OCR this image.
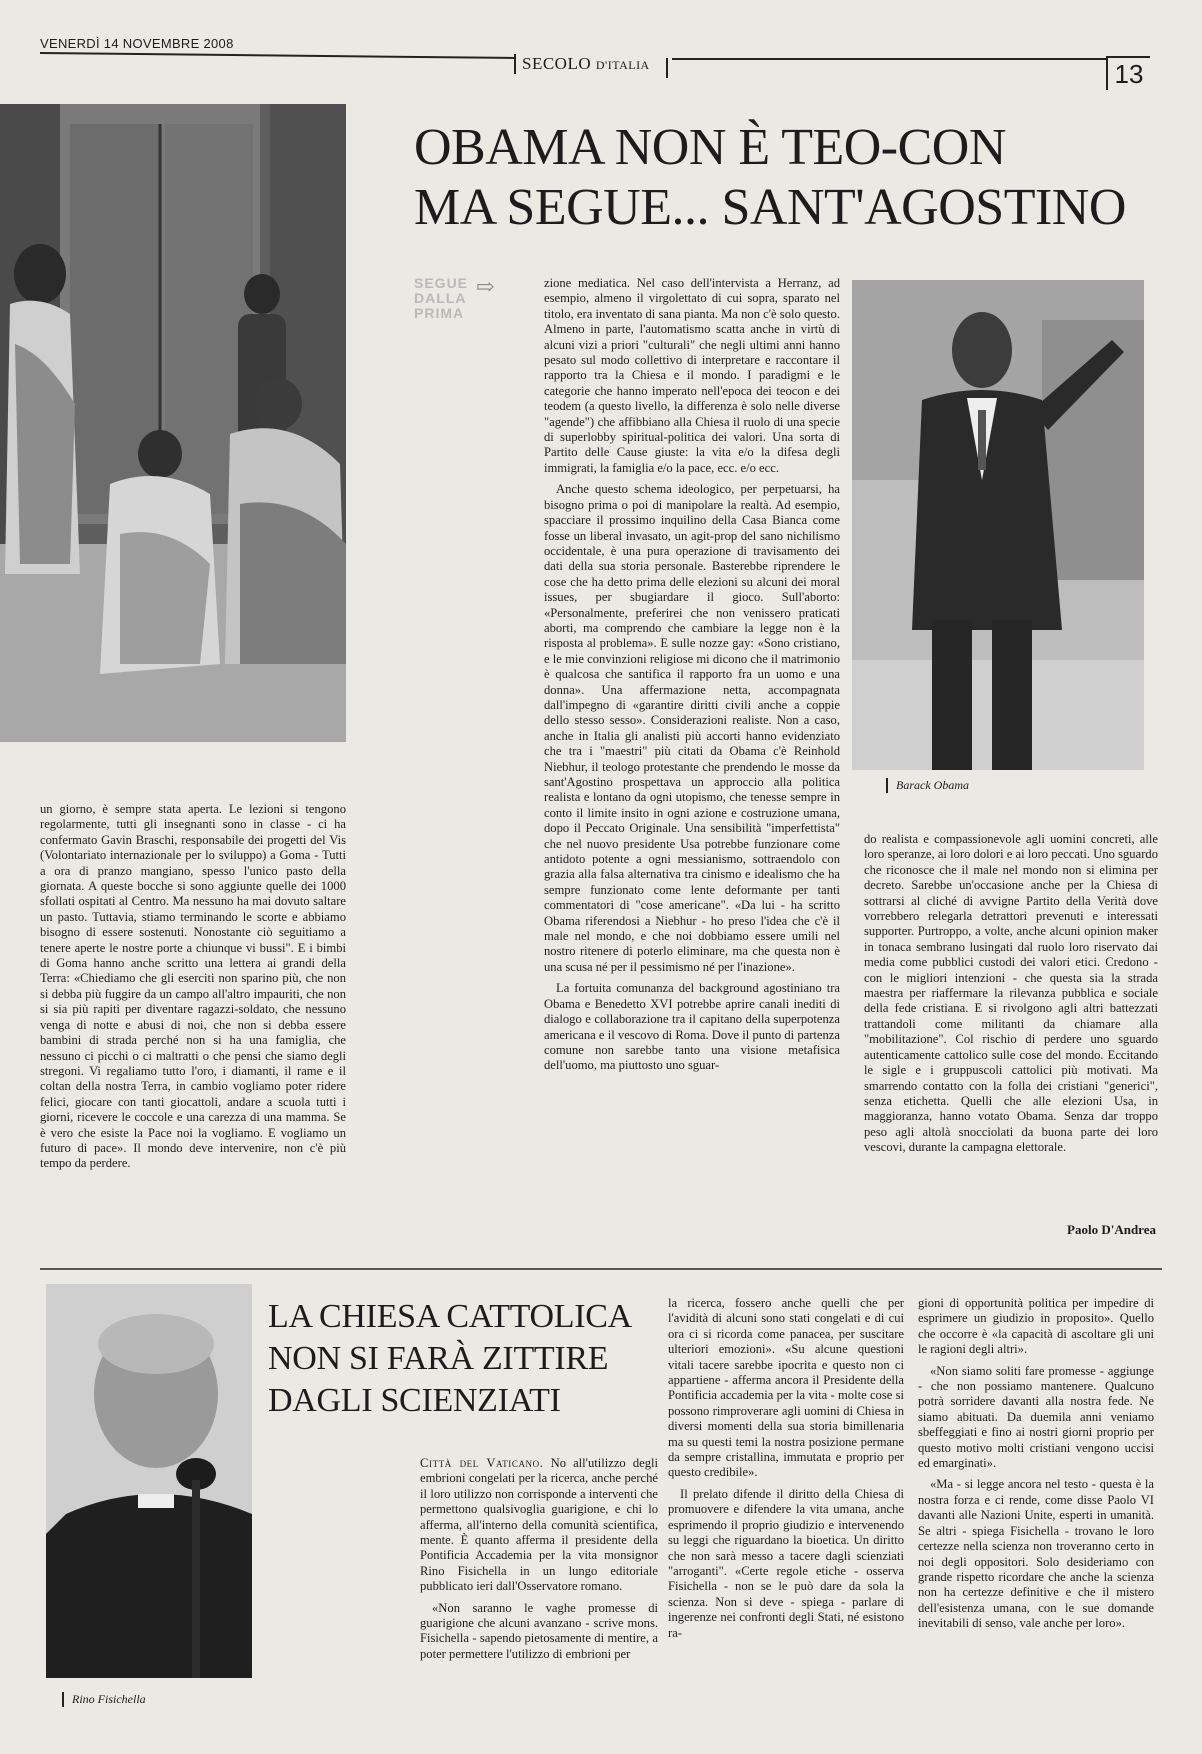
VENERDÌ 14 NOVEMBRE 2008
SECOLO D'ITALIA	13
OBAMA NON È TEO-CON
MA SEGUE... SANT'AGOSTINO
SEGUE DALLA PRIMA
⇨
Barack Obama

un giorno, è sempre stata aperta. Le lezioni si tengono regolarmente, tutti gli insegnanti sono in classe - ci ha confermato Gavin Braschi, responsabile dei progetti del Vis (Volontariato internazionale per lo sviluppo) a Goma - Tutti a ora di pranzo mangiano, spesso l'unico pasto della giornata. A queste bocche si sono aggiunte quelle dei 1000 sfollati ospitati al Centro. Ma nessuno ha mai dovuto saltare un pasto. Tuttavia, stiamo terminando le scorte e abbiamo bisogno di essere sostenuti. Nonostante ciò seguitiamo a tenere aperte le nostre porte a chiunque vi bussi". E i bimbi di Goma hanno anche scritto una lettera ai grandi della Terra: «Chiediamo che gli eserciti non sparino più, che non si debba più fuggire da un campo all'altro impauriti, che non si sia più rapiti per diventare ragazzi-soldato, che nessuno venga di notte e abusi di noi, che non si debba essere bambini di strada perché non si ha una famiglia, che nessuno ci picchi o ci maltratti o che pensi che siamo degli stregoni. Vi regaliamo tutto l'oro, i diamanti, il rame e il coltan della nostra Terra, in cambio vogliamo poter ridere felici, giocare con tanti giocattoli, andare a scuola tutti i giorni, ricevere le coccole e una carezza di una mamma. Se è vero che esiste la Pace noi la vogliamo. E vogliamo un futuro di pace». Il mondo deve intervenire, non c'è più tempo da perdere.

zione mediatica. Nel caso dell'intervista a Herranz, ad esempio, almeno il virgolettato di cui sopra, sparato nel titolo, era inventato di sana pianta. Ma non c'è solo questo. Almeno in parte, l'automatismo scatta anche in virtù di alcuni vizi a priori "culturali" che negli ultimi anni hanno pesato sul modo collettivo di interpretare e raccontare il rapporto tra la Chiesa e il mondo. I paradigmi e le categorie che hanno imperato nell'epoca dei teocon e dei teodem (a questo livello, la differenza è solo nelle diverse "agende") che affibbiano alla Chiesa il ruolo di una specie di superlobby spiritual-politica dei valori. Una sorta di Partito delle Cause giuste: la vita e/o la difesa degli immigrati, la famiglia e/o la pace, ecc. e/o ecc.

Anche questo schema ideologico, per perpetuarsi, ha bisogno prima o poi di manipolare la realtà. Ad esempio, spacciare il prossimo inquilino della Casa Bianca come fosse un liberal invasato, un agit-prop del sano nichilismo occidentale, è una pura operazione di travisamento dei dati della sua storia personale. Basterebbe riprendere le cose che ha detto prima delle elezioni su alcuni dei moral issues, per sbugiardare il gioco. Sull'aborto: «Personalmente, preferirei che non venissero praticati aborti, ma comprendo che cambiare la legge non è la risposta al problema». E sulle nozze gay: «Sono cristiano, e le mie convinzioni religiose mi dicono che il matrimonio è qualcosa che santifica il rapporto fra un uomo e una donna». Una affermazione netta, accompagnata dall'impegno di «garantire diritti civili anche a coppie dello stesso sesso». Considerazioni realiste. Non a caso, anche in Italia gli analisti più accorti hanno evidenziato che tra i "maestri" più citati da Obama c'è Reinhold Niebhur, il teologo protestante che prendendo le mosse da sant'Agostino prospettava un approccio alla politica realista e lontano da ogni utopismo, che tenesse sempre in conto il limite insito in ogni azione e costruzione umana, dopo il Peccato Originale. Una sensibilità "imperfettista" che nel nuovo presidente Usa potrebbe funzionare come antidoto potente a ogni messianismo, sottraendolo con grazia alla falsa alternativa tra cinismo e idealismo che ha sempre funzionato come lente deformante per tanti commentatori di "cose americane". «Da lui - ha scritto Obama riferendosi a Niebhur - ho preso l'idea che c'è il male nel mondo, e che noi dobbiamo essere umili nel nostro ritenere di poterlo eliminare, ma che questa non è una scusa né per il pessimismo né per l'inazione».

La fortuita comunanza del background agostiniano tra Obama e Benedetto XVI potrebbe aprire canali inediti di dialogo e collaborazione tra il capitano della superpotenza americana e il vescovo di Roma. Dove il punto di partenza comune non sarebbe tanto una visione metafisica dell'uomo, ma piuttosto uno sguar-

do realista e compassionevole agli uomini concreti, alle loro speranze, ai loro dolori e ai loro peccati. Uno sguardo che riconosce che il male nel mondo non si elimina per decreto. Sarebbe un'occasione anche per la Chiesa di sottrarsi al cliché di avvigne Partito della Verità dove vorrebbero relegarla detrattori prevenuti e interessati supporter. Purtroppo, a volte, anche alcuni opinion maker in tonaca sembrano lusingati dal ruolo loro riservato dai media come pubblici custodi dei valori etici. Credono - con le migliori intenzioni - che questa sia la strada maestra per riaffermare la rilevanza pubblica e sociale della fede cristiana. E si rivolgono agli altri battezzati trattandoli come militanti da chiamare alla "mobilitazione". Col rischio di perdere uno sguardo autenticamente cattolico sulle cose del mondo. Eccitando le sigle e i gruppuscoli cattolici più motivati. Ma smarrendo contatto con la folla dei cristiani "generici", senza etichetta. Quelli che alle elezioni Usa, in maggioranza, hanno votato Obama. Senza dar troppo peso agli altolà snocciolati da buona parte dei loro vescovi, durante la campagna elettorale.

Paolo D'Andrea
Rino Fisichella
LA CHIESA CATTOLICA
NON SI FARÀ ZITTIRE
DAGLI SCIENZIATI

Città del Vaticano. No all'utilizzo degli embrioni congelati per la ricerca, anche perché il loro utilizzo non corrisponde a interventi che permettono qualsivoglia guarigione, e chi lo afferma, all'interno della comunità scientifica, mente. È quanto afferma il presidente della Pontificia Accademia per la vita monsignor Rino Fisichella in un lungo editoriale pubblicato ieri dall'Osservatore romano.

«Non saranno le vaghe promesse di guarigione che alcuni avanzano - scrive mons. Fisichella - sapendo pietosamente di mentire, a poter permettere l'utilizzo di embrioni per

la ricerca, fossero anche quelli che per l'avidità di alcuni sono stati congelati e di cui ora ci si ricorda come panacea, per suscitare ulteriori emozioni». «Su alcune questioni vitali tacere sarebbe ipocrita e questo non ci appartiene - afferma ancora il Presidente della Pontificia accademia per la vita - molte cose si possono rimproverare agli uomini di Chiesa in diversi momenti della sua storia bimillenaria ma su questi temi la nostra posizione permane da sempre cristallina, immutata e proprio per questo credibile».

Il prelato difende il diritto della Chiesa di promuovere e difendere la vita umana, anche esprimendo il proprio giudizio e intervenendo su leggi che riguardano la bioetica. Un diritto che non sarà messo a tacere dagli scienziati "arroganti". «Certe regole etiche - osserva Fisichella - non se le può dare da sola la scienza. Non si deve - spiega - parlare di ingerenze nei confronti degli Stati, né esistono ra-

gioni di opportunità politica per impedire di esprimere un giudizio in proposito». Quello che occorre è «la capacità di ascoltare gli uni le ragioni degli altri».

«Non siamo soliti fare promesse - aggiunge - che non possiamo mantenere. Qualcuno potrà sorridere davanti alla nostra fede. Ne siamo abituati. Da duemila anni veniamo sbeffeggiati e fino ai nostri giorni proprio per questo motivo molti cristiani vengono uccisi ed emarginati».

«Ma - si legge ancora nel testo - questa è la nostra forza e ci rende, come disse Paolo VI davanti alle Nazioni Unite, esperti in umanità. Se altri - spiega Fisichella - trovano le loro certezze nella scienza non troveranno certo in noi degli oppositori. Solo desideriamo con grande rispetto ricordare che anche la scienza non ha certezze definitive e che il mistero dell'esistenza umana, con le sue domande inevitabili di senso, vale anche per loro».
